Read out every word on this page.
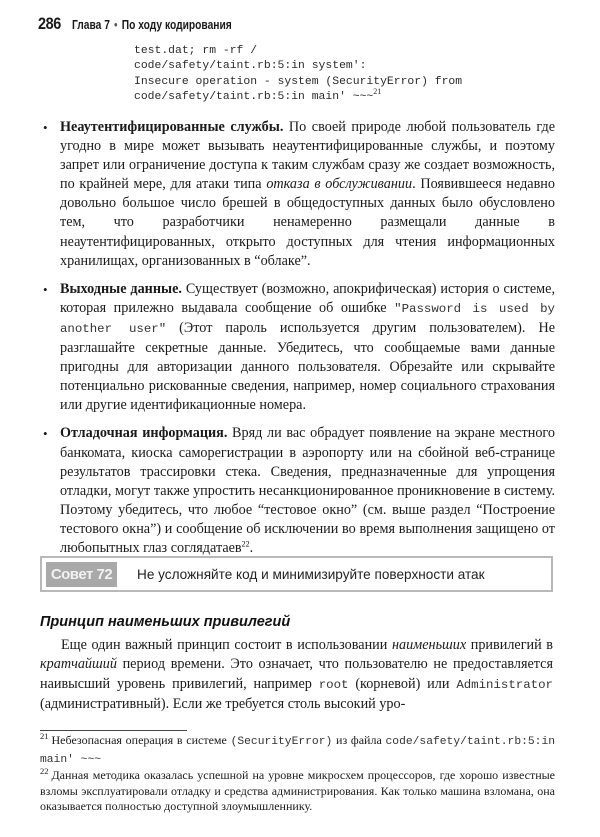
286 Глава 7 • По ходу кодирования
test.dat; rm -rf /
code/safety/taint.rb:5:in system':
Insecure operation - system (SecurityError) from
code/safety/taint.rb:5:in main' ~~~$^{21}$
• Неаутентифицированные службы. По своей природе любой пользователь где угодно в мире может вызывать неаутентифицированные службы, и поэтому запрет или ограничение доступа к таким службам сразу же создает возможность, по крайней мере, для атаки типа отказа в обслуживании. Появившееся недавно довольно большое число брешей в общедоступных данных было обусловлено тем, что разработчики ненамеренно размещали данные в неаутентифицированных, открыто доступных для чтения информационных хранилищах, организованных в “облаке”.
• Выходные данные. Существует (возможно, апокрифическая) история о системе, которая прилежно выдавала сообщение об ошибке "Password is used by another user" (Этот пароль используется другим пользователем). Не разглашайте секретные данные. Убедитесь, что сообщаемые вами данные пригодны для авторизации данного пользователя. Обрезайте или скрывайте потенциально рискованные сведения, например, номер социального страхования или другие идентификационные номера.
• Отладочная информация. Вряд ли вас обрадует появление на экране местного банкомата, киоска саморегистрации в аэропорту или на сбойной веб-странице результатов трассировки стека. Сведения, предназначенные для упрощения отладки, могут также упростить несанкционированное проникновение в систему. Поэтому убедитесь, что любое “тестовое окно” (см. выше раздел “Построение тестового окна”) и сообщение об исключении во время выполнения защищено от любопытных глаз соглядатаев$^{22}$.
Совет 72	Не усложняйте код и минимизируйте поверхности атак
Принцип наименьших привилегий

Еще один важный принцип состоит в использовании наименьших привилегий в кратчайший период времени. Это означает, что пользователю не предоставляется наивысший уровень привилегий, например root (корневой) или Administrator (административный). Если же требуется столь высокий уро-

$^{21}$ Небезопасная операция в системе (SecurityError) из файла code/safety/taint.rb:5:in main' ~~~

$^{22}$ Данная методика оказалась успешной на уровне микросхем процессоров, где хорошо известные взломы эксплуатировали отладку и средства администрирования. Как только машина взломана, она оказывается полностью доступной злоумышленнику.
